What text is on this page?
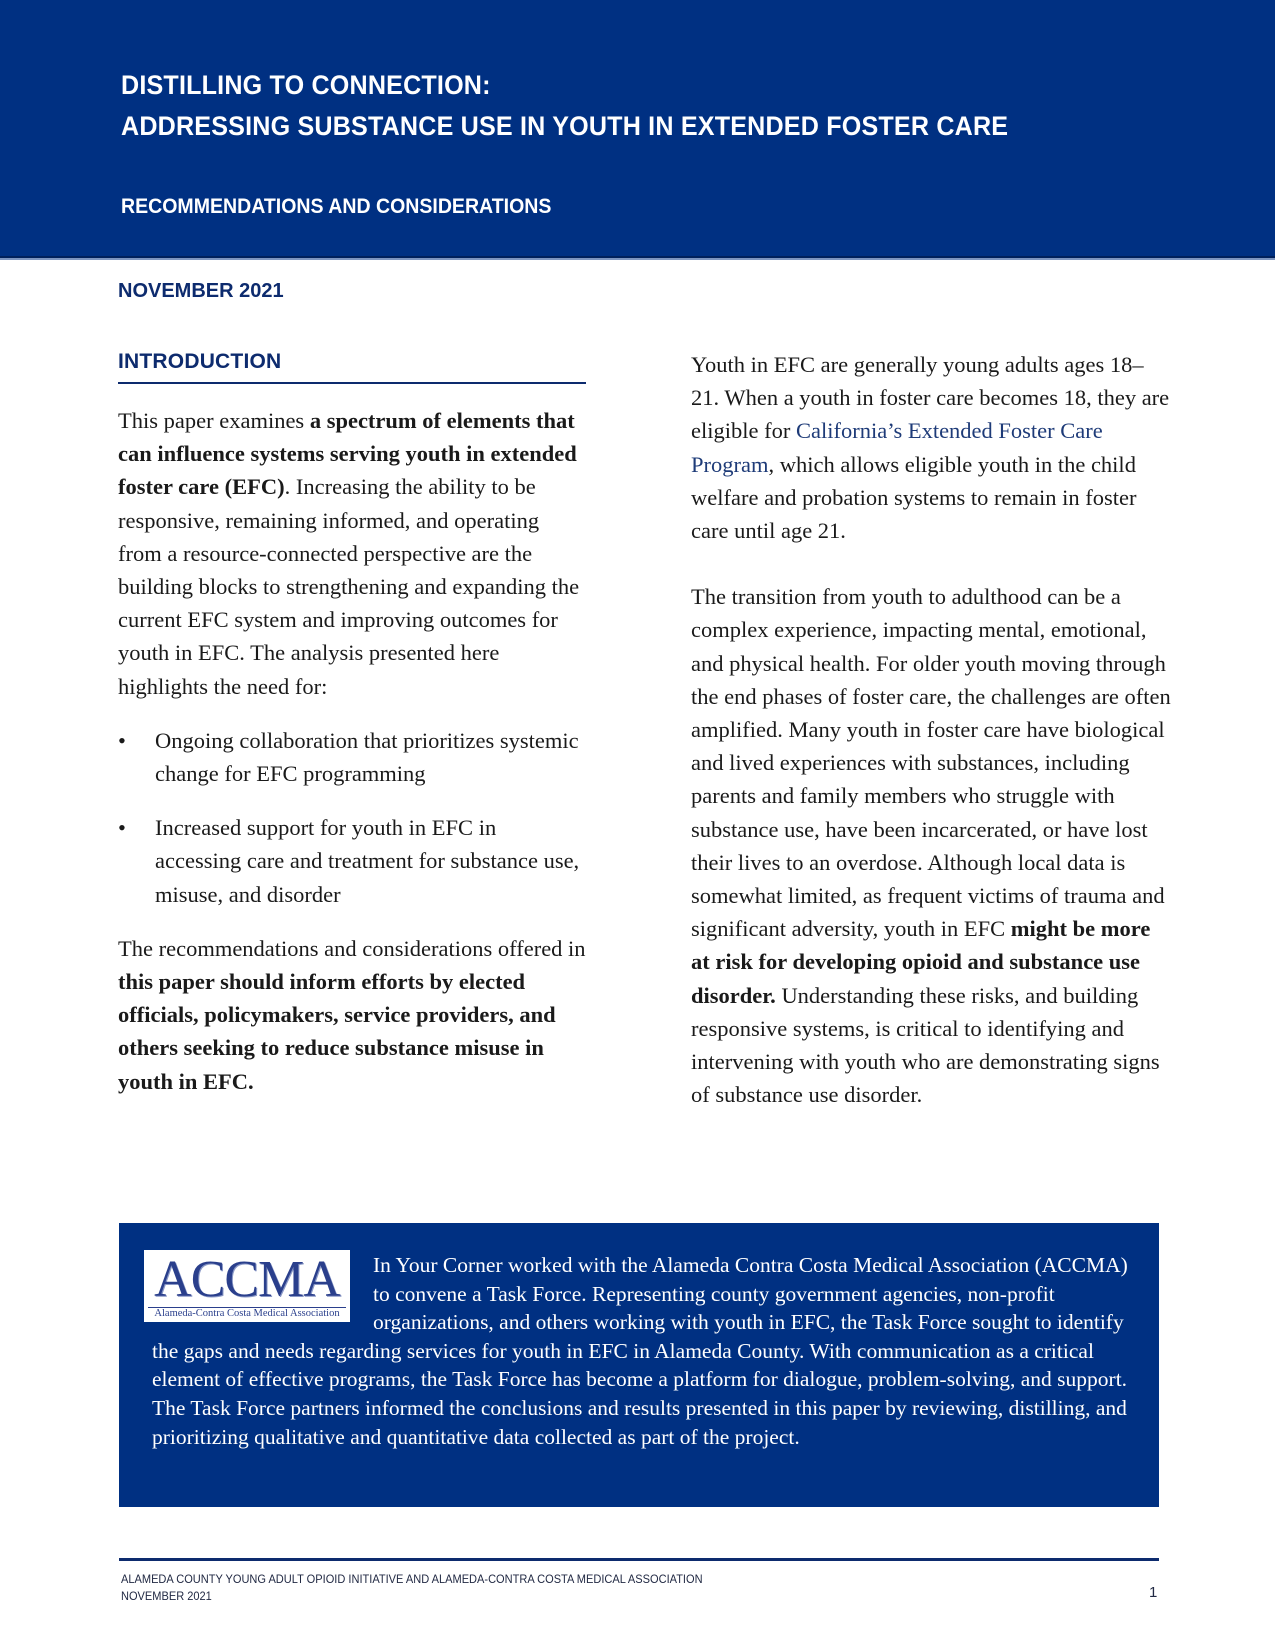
DISTILLING TO CONNECTION:
ADDRESSING SUBSTANCE USE IN YOUTH IN EXTENDED FOSTER CARE
RECOMMENDATIONS AND CONSIDERATIONS
NOVEMBER 2021
INTRODUCTION

This paper examines a spectrum of elements that can influence systems serving youth in extended foster care (EFC). Increasing the ability to be responsive, remaining informed, and operating from a resource-connected perspective are the building blocks to strengthening and expanding the current EFC system and improving outcomes for youth in EFC. The analysis presented here highlights the need for:

• Ongoing collaboration that prioritizes systemic change for EFC programming
• Increased support for youth in EFC in accessing care and treatment for substance use, misuse, and disorder

The recommendations and considerations offered in this paper should inform efforts by elected officials, policymakers, service providers, and others seeking to reduce substance misuse in youth in EFC.

Youth in EFC are generally young adults ages 18–21. When a youth in foster care becomes 18, they are eligible for California’s Extended Foster Care Program, which allows eligible youth in the child welfare and probation systems to remain in foster care until age 21.

The transition from youth to adulthood can be a complex experience, impacting mental, emotional, and physical health. For older youth moving through the end phases of foster care, the challenges are often amplified. Many youth in foster care have biological and lived experiences with substances, including parents and family members who struggle with substance use, have been incarcerated, or have lost their lives to an overdose. Although local data is somewhat limited, as frequent victims of trauma and significant adversity, youth in EFC might be more at risk for developing opioid and substance use disorder. Understanding these risks, and building responsive systems, is critical to identifying and intervening with youth who are demonstrating signs of substance use disorder.

In Your Corner worked with the Alameda Contra Costa Medical Association (ACCMA) to convene a Task Force. Representing county government agencies, non-profit organizations, and others working with youth in EFC, the Task Force sought to identify the gaps and needs regarding services for youth in EFC in Alameda County. With communication as a critical element of effective programs, the Task Force has become a platform for dialogue, problem-solving, and support. The Task Force partners informed the conclusions and results presented in this paper by reviewing, distilling, and prioritizing qualitative and quantitative data collected as part of the project.
ACCMA
Alameda-Contra Costa Medical Association
ALAMEDA COUNTY YOUNG ADULT OPIOID INITIATIVE AND ALAMEDA-CONTRA COSTA MEDICAL ASSOCIATION
NOVEMBER 2021	1
